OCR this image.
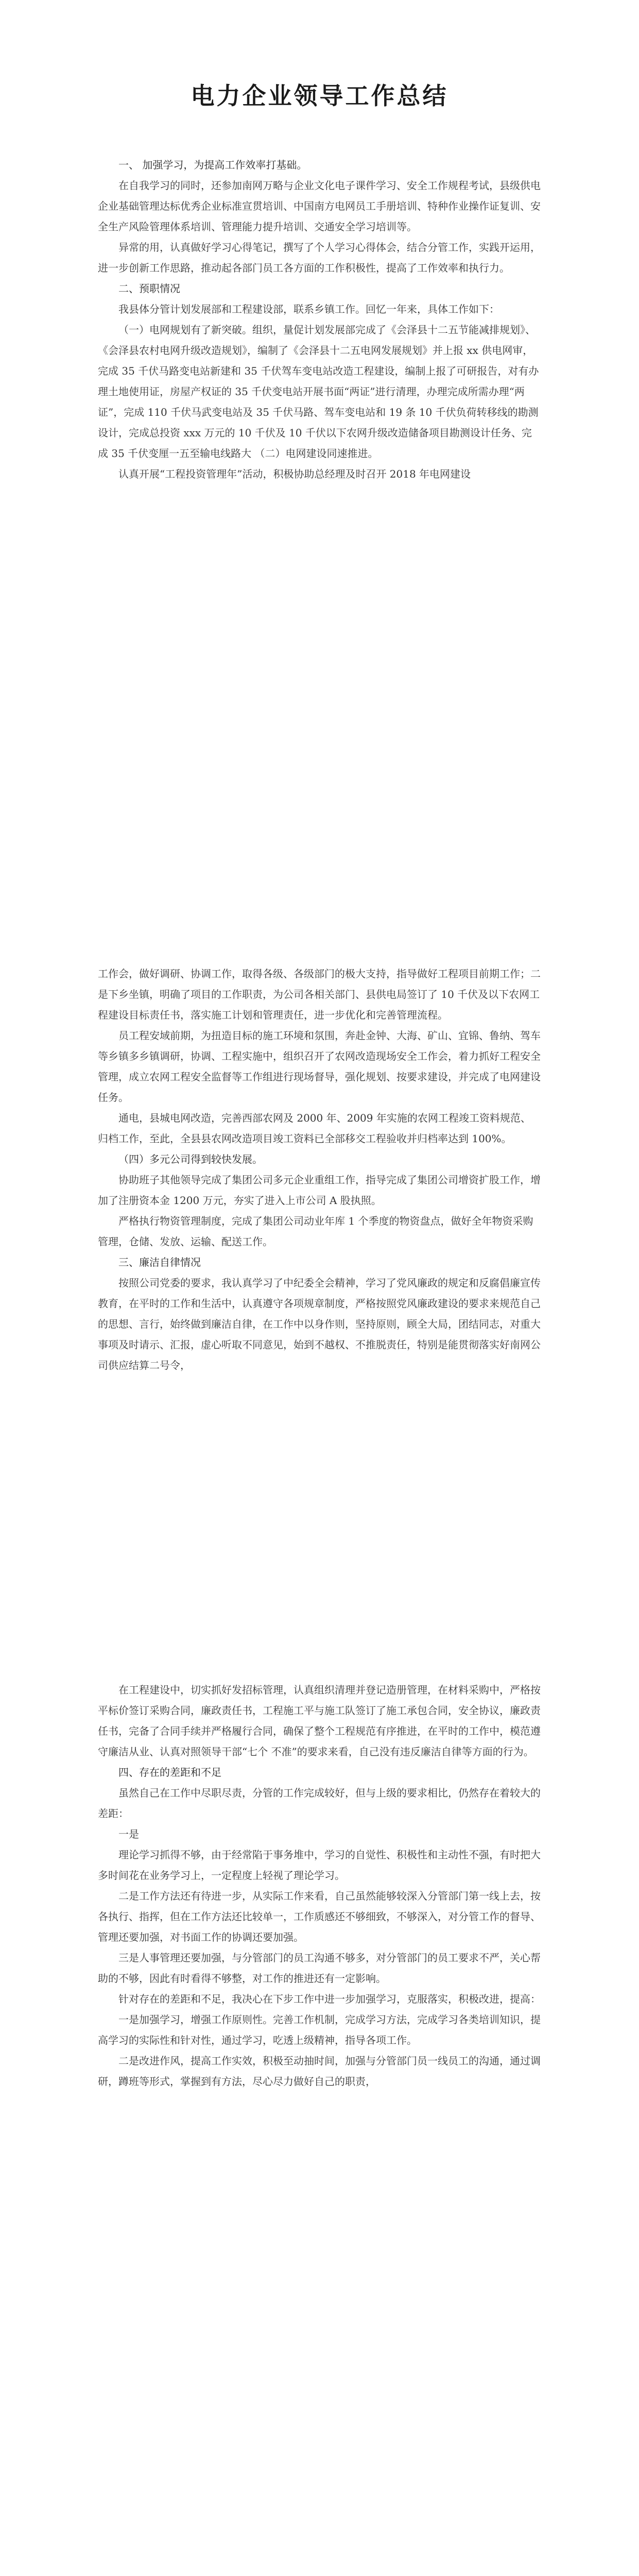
电力企业领导工作总结

一、 加强学习，为提高工作效率打基础。

在自我学习的同时，还参加南网万略与企业文化电子课件学习、安全工作规程考试，县级供电企业基础管理达标优秀企业标准宣贯培训、中国南方电网员工手册培训、特种作业操作证复训、安全生产风险管理体系培训、管理能力提升培训、交通安全学习培训等。

异常的用，认真做好学习心得笔记，撰写了个人学习心得体会，结合分管工作，实践开运用，进一步创新工作思路，推动起各部门员工各方面的工作积极性，提高了工作效率和执行力。

二、预职情况

我县体分管计划发展部和工程建设部，联系乡镇工作。回忆一年来，具体工作如下：

（一）电网规划有了新突破。组织，量促计划发展部完成了《会泽县十二五节能减排规划》、《会泽县农村电网升级改造规划》，编制了《会泽县十二五电网发展规划》并上报 xx 供电网审，完成 35 千伏马路变电站新建和 35 千伏驾车变电站改造工程建设，编制上报了可研报告，对有办理土地使用证，房屋产权证的 35 千伏变电站开展书面“两证”进行清理，办理完成所需办理“两证”，完成 110 千伏马武变电站及 35 千伏马路、驾车变电站和 19 条 10 千伏负荷转移线的勘测设计，完成总投资 xxx 万元的 10 千伏及 10 千伏以下农网升级改造储备项目勘测设计任务、完成 35 千伏变厘一五至输电线路大 （二）电网建设同速推进。

认真开展“工程投资管理年”活动，积极协助总经理及时召开 2018 年电网建设

工作会，做好调研、协调工作，取得各级、各级部门的极大支持，指导做好工程项目前期工作；二是下乡坐镇，明确了项目的工作职责，为公司各相关部门、县供电局签订了 10 千伏及以下农网工程建设目标责任书，落实施工计划和管理责任，进一步优化和完善管理流程。

员工程安域前期，为扭造目标的施工环境和氛围，奔赴金钟、大海、矿山、宜锦、鲁纳、驾车等乡镇多乡镇调研，协调、工程实施中，组织召开了农网改造现场安全工作会，着力抓好工程安全管理，成立农网工程安全监督等工作组进行现场督导，强化规划、按要求建设，并完成了电网建设任务。

通电，县城电网改造，完善西部农网及 2000 年、2009 年实施的农网工程竣工资料规范、归档工作，至此，全县县农网改造项目竣工资料已全部移交工程验收并归档率达到 100%。

（四）多元公司得到较快发展。

协助班子其他领导完成了集团公司多元企业重组工作，指导完成了集团公司增资扩股工作，增加了注册资本金 1200 万元，夯实了进入上市公司 A 股执照。

严格执行物资管理制度，完成了集团公司动业年库 1 个季度的物资盘点，做好全年物资采购管理，仓储、发放、运输、配送工作。

三、廉洁自律情况

按照公司党委的要求，我认真学习了中纪委全会精神，学习了党风廉政的规定和反腐倡廉宣传教育，在平时的工作和生活中，认真遵守各项规章制度，严格按照党风廉政建设的要求来规范自己的思想、言行，始终做到廉洁自律，在工作中以身作则，坚持原则，顾全大局，团结同志，对重大事项及时请示、汇报，虚心听取不同意见，始到不越权、不推脱责任，特别是能贯彻落实好南网公司供应结算二号令，

在工程建设中，切实抓好发招标管理，认真组织清理并登记造册管理，在材料采购中，严格按平标价签订采购合同，廉政责任书，工程施工平与施工队签订了施工承包合同，安全协议，廉政责任书，完备了合同手续并严格履行合同，确保了整个工程规范有序推进，在平时的工作中，模范遵守廉洁从业、认真对照领导干部“七个 不准”的要求来看，自己没有违反廉洁自律等方面的行为。

四、存在的差距和不足

虽然自己在工作中尽职尽责，分管的工作完成较好，但与上级的要求相比，仍然存在着较大的差距：

一是

理论学习抓得不够，由于经常陷于事务堆中，学习的自觉性、积极性和主动性不强，有时把大多时间花在业务学习上，一定程度上轻视了理论学习。

二是工作方法还有待进一步，从实际工作来看，自己虽然能够较深入分管部门第一线上去，按各执行、指挥，但在工作方法还比较单一，工作质感还不够细致，不够深入，对分管工作的督导、管理还要加强，对书面工作的协调还要加强。

三是人事管理还要加强，与分管部门的员工沟通不够多，对分管部门的员工要求不严，关心帮助的不够，因此有时看得不够整，对工作的推进还有一定影响。

针对存在的差距和不足，我决心在下步工作中进一步加强学习，克服落实，积极改进，提高：

一是加强学习，增强工作原则性。完善工作机制，完成学习方法，完成学习各类培训知识，提高学习的实际性和针对性，通过学习，吃透上级精神，指导各项工作。

二是改进作风，提高工作实效，积极至动抽时间，加强与分管部门员一线员工的沟通，通过调研，蹲班等形式，掌握到有方法，尽心尽力做好自己的职责，
